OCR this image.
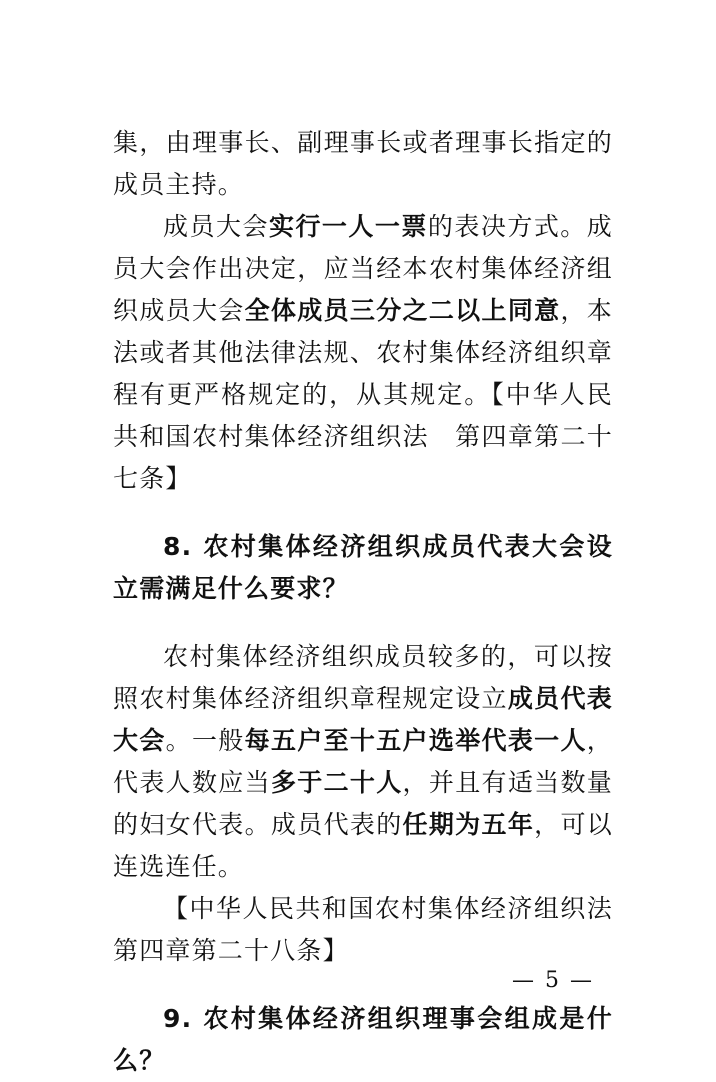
集，由理事长、副理事长或者理事长指定的成员主持。

成员大会实行一人一票的表决方式。成员大会作出决定，应当经本农村集体经济组织成员大会全体成员三分之二以上同意，本法或者其他法律法规、农村集体经济组织章程有更严格规定的，从其规定。【中华人民共和国农村集体经济组织法　第四章第二十七条】

8. 农村集体经济组织成员代表大会设立需满足什么要求？

农村集体经济组织成员较多的，可以按照农村集体经济组织章程规定设立成员代表大会。一般每五户至十五户选举代表一人，代表人数应当多于二十人，并且有适当数量的妇女代表。成员代表的任期为五年，可以连选连任。

【中华人民共和国农村集体经济组织法第四章第二十八条】

9. 农村集体经济组织理事会组成是什么？

— 5 —
